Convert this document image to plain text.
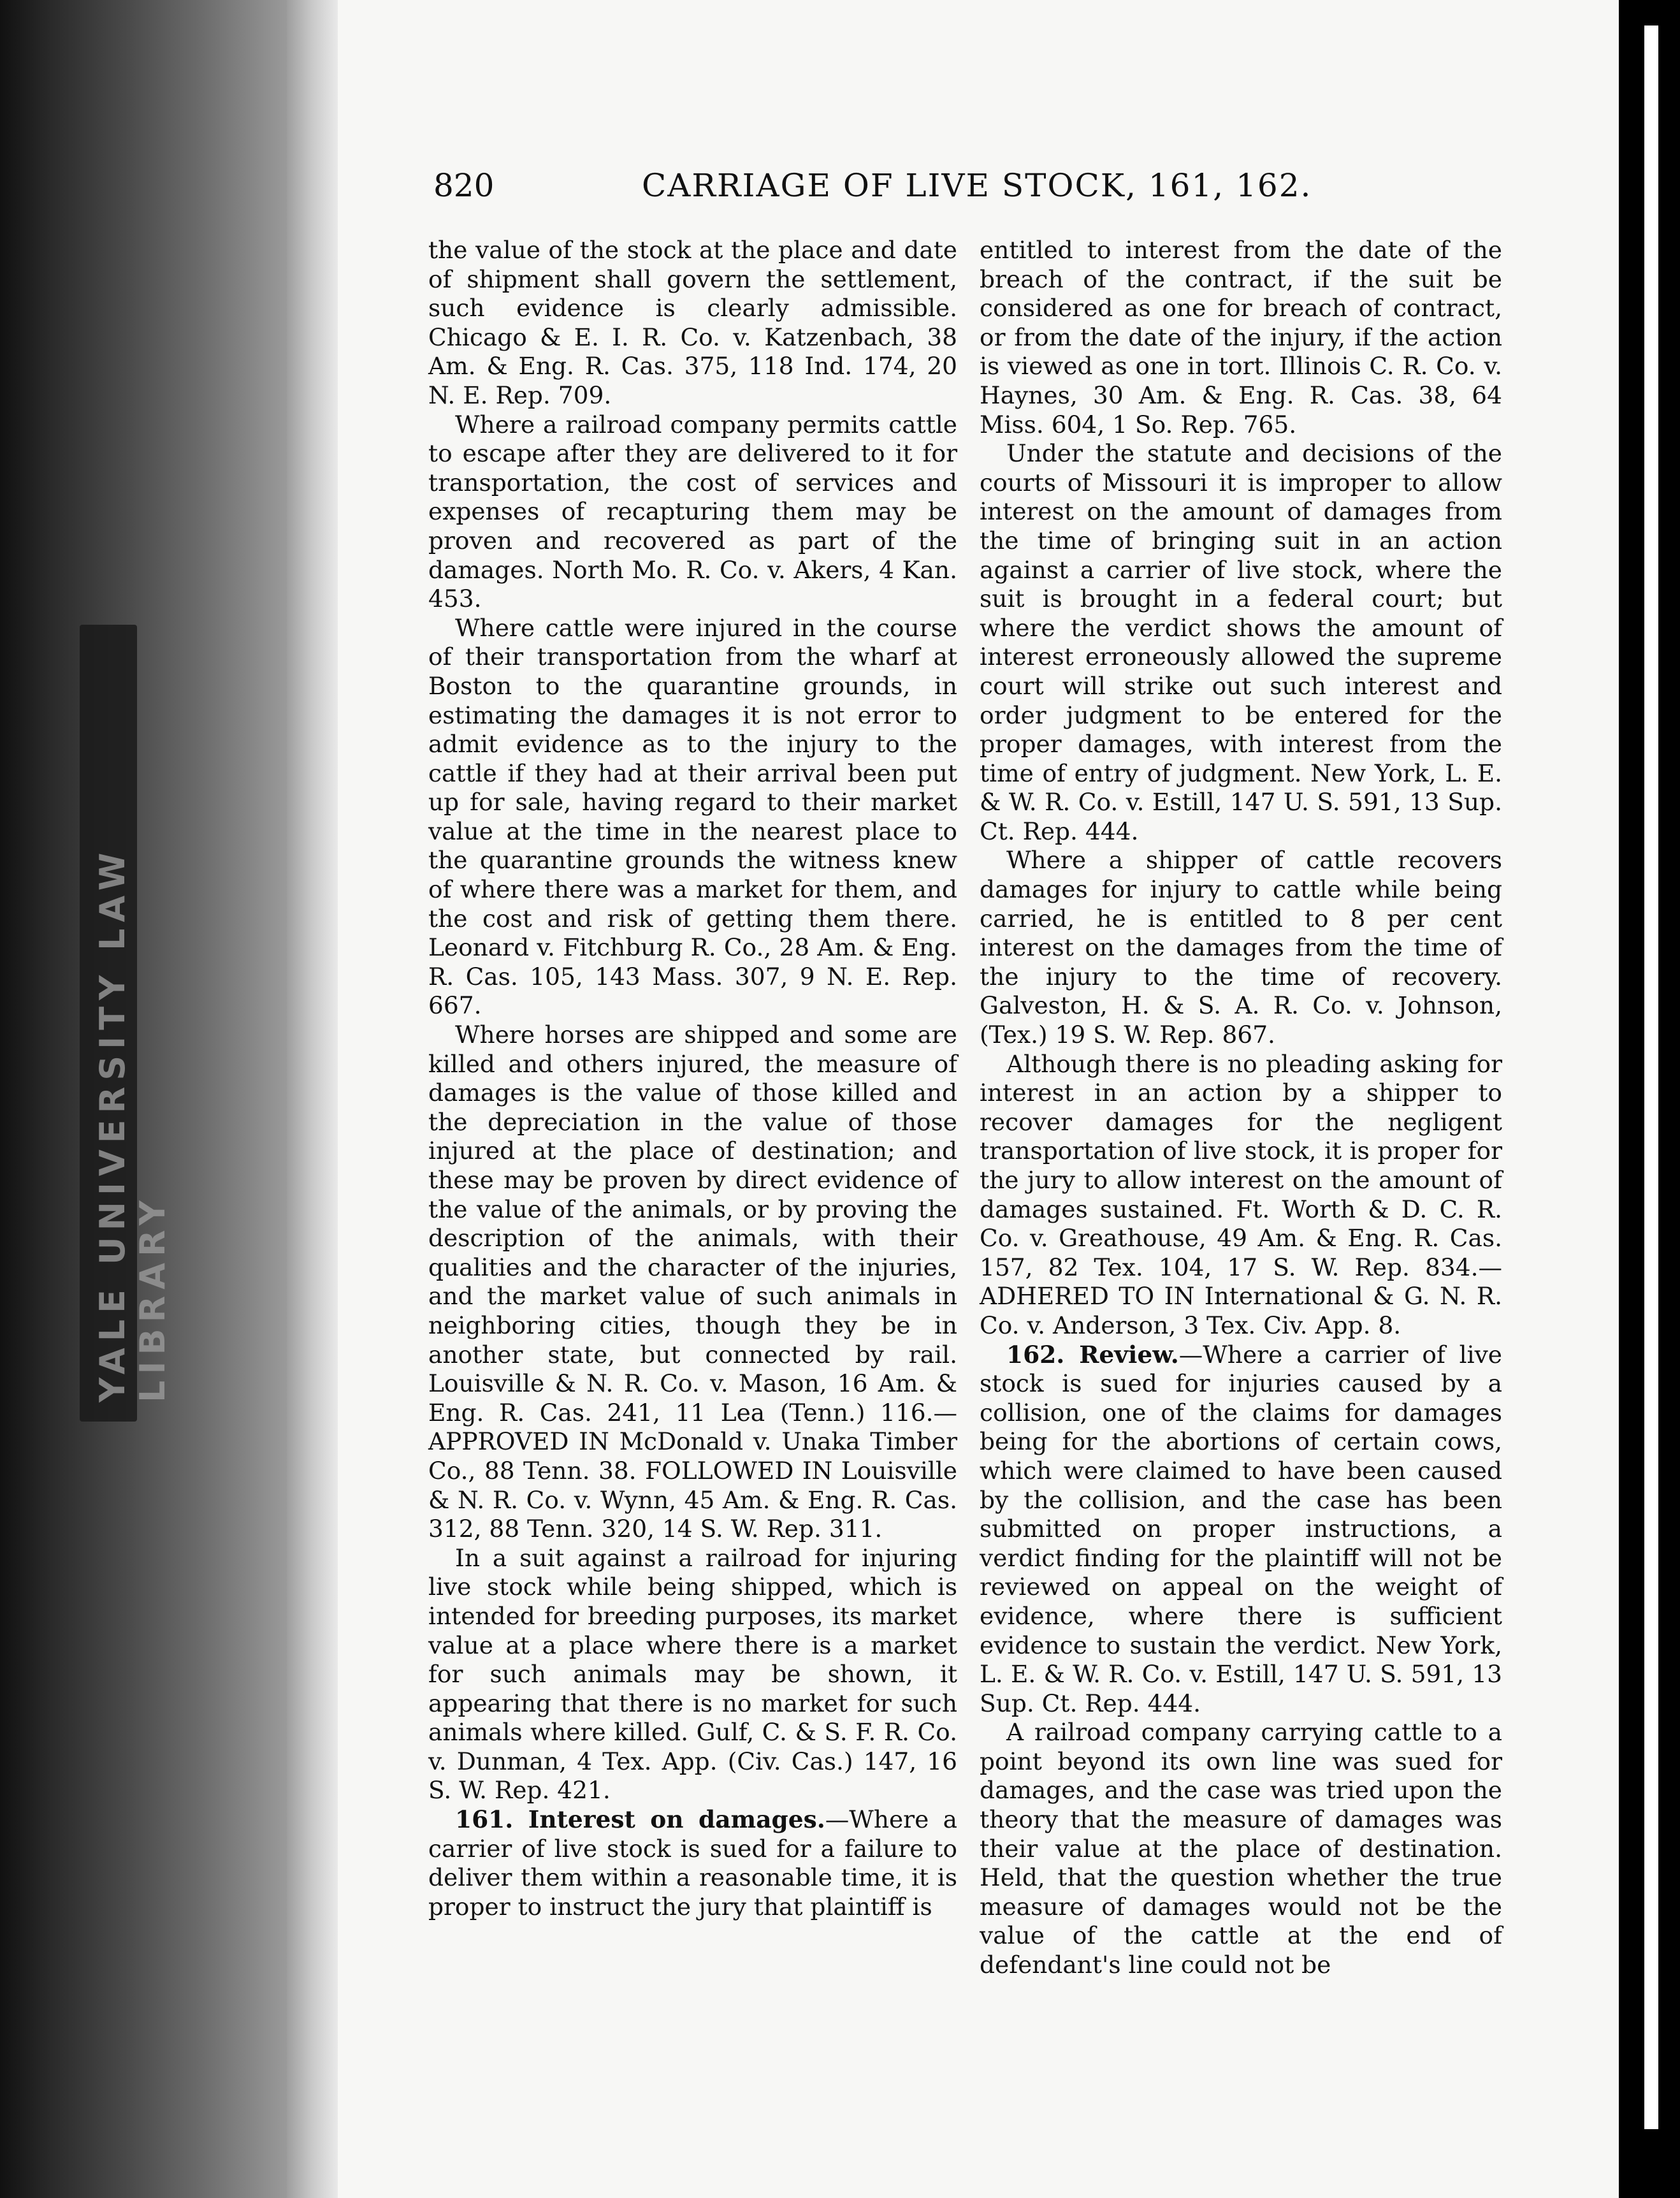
YALE UNIVERSITY LAW LIBRARY
820	CARRIAGE OF LIVE STOCK, 161, 162.

the value of the stock at the place and date of shipment shall govern the settlement, such evidence is clearly admissible. Chicago & E. I. R. Co. v. Katzenbach, 38 Am. & Eng. R. Cas. 375, 118 Ind. 174, 20 N. E. Rep. 709.

Where a railroad company permits cattle to escape after they are delivered to it for transportation, the cost of services and expenses of recapturing them may be proven and recovered as part of the damages. North Mo. R. Co. v. Akers, 4 Kan. 453.

Where cattle were injured in the course of their transportation from the wharf at Boston to the quarantine grounds, in estimating the damages it is not error to admit evidence as to the injury to the cattle if they had at their arrival been put up for sale, having regard to their market value at the time in the nearest place to the quarantine grounds the witness knew of where there was a market for them, and the cost and risk of getting them there. Leonard v. Fitchburg R. Co., 28 Am. & Eng. R. Cas. 105, 143 Mass. 307, 9 N. E. Rep. 667.

Where horses are shipped and some are killed and others injured, the measure of damages is the value of those killed and the depreciation in the value of those injured at the place of destination; and these may be proven by direct evidence of the value of the animals, or by proving the description of the animals, with their qualities and the character of the injuries, and the market value of such animals in neighboring cities, though they be in another state, but connected by rail. Louisville & N. R. Co. v. Mason, 16 Am. & Eng. R. Cas. 241, 11 Lea (Tenn.) 116.—APPROVED IN McDonald v. Unaka Timber Co., 88 Tenn. 38. FOLLOWED IN Louisville & N. R. Co. v. Wynn, 45 Am. & Eng. R. Cas. 312, 88 Tenn. 320, 14 S. W. Rep. 311.

In a suit against a railroad for injuring live stock while being shipped, which is intended for breeding purposes, its market value at a place where there is a market for such animals may be shown, it appearing that there is no market for such animals where killed. Gulf, C. & S. F. R. Co. v. Dunman, 4 Tex. App. (Civ. Cas.) 147, 16 S. W. Rep. 421.

161. Interest on damages.—Where a carrier of live stock is sued for a failure to deliver them within a reasonable time, it is proper to instruct the jury that plaintiff is

entitled to interest from the date of the breach of the contract, if the suit be considered as one for breach of contract, or from the date of the injury, if the action is viewed as one in tort. Illinois C. R. Co. v. Haynes, 30 Am. & Eng. R. Cas. 38, 64 Miss. 604, 1 So. Rep. 765.

Under the statute and decisions of the courts of Missouri it is improper to allow interest on the amount of damages from the time of bringing suit in an action against a carrier of live stock, where the suit is brought in a federal court; but where the verdict shows the amount of interest erroneously allowed the supreme court will strike out such interest and order judgment to be entered for the proper damages, with interest from the time of entry of judgment. New York, L. E. & W. R. Co. v. Estill, 147 U. S. 591, 13 Sup. Ct. Rep. 444.

Where a shipper of cattle recovers damages for injury to cattle while being carried, he is entitled to 8 per cent interest on the damages from the time of the injury to the time of recovery. Galveston, H. & S. A. R. Co. v. Johnson, (Tex.) 19 S. W. Rep. 867.

Although there is no pleading asking for interest in an action by a shipper to recover damages for the negligent transportation of live stock, it is proper for the jury to allow interest on the amount of damages sustained. Ft. Worth & D. C. R. Co. v. Greathouse, 49 Am. & Eng. R. Cas. 157, 82 Tex. 104, 17 S. W. Rep. 834.—ADHERED TO IN International & G. N. R. Co. v. Anderson, 3 Tex. Civ. App. 8.

162. Review.—Where a carrier of live stock is sued for injuries caused by a collision, one of the claims for damages being for the abortions of certain cows, which were claimed to have been caused by the collision, and the case has been submitted on proper instructions, a verdict finding for the plaintiff will not be reviewed on appeal on the weight of evidence, where there is sufficient evidence to sustain the verdict. New York, L. E. & W. R. Co. v. Estill, 147 U. S. 591, 13 Sup. Ct. Rep. 444.

A railroad company carrying cattle to a point beyond its own line was sued for damages, and the case was tried upon the theory that the measure of damages was their value at the place of destination. Held, that the question whether the true measure of damages would not be the value of the cattle at the end of defendant's line could not be
